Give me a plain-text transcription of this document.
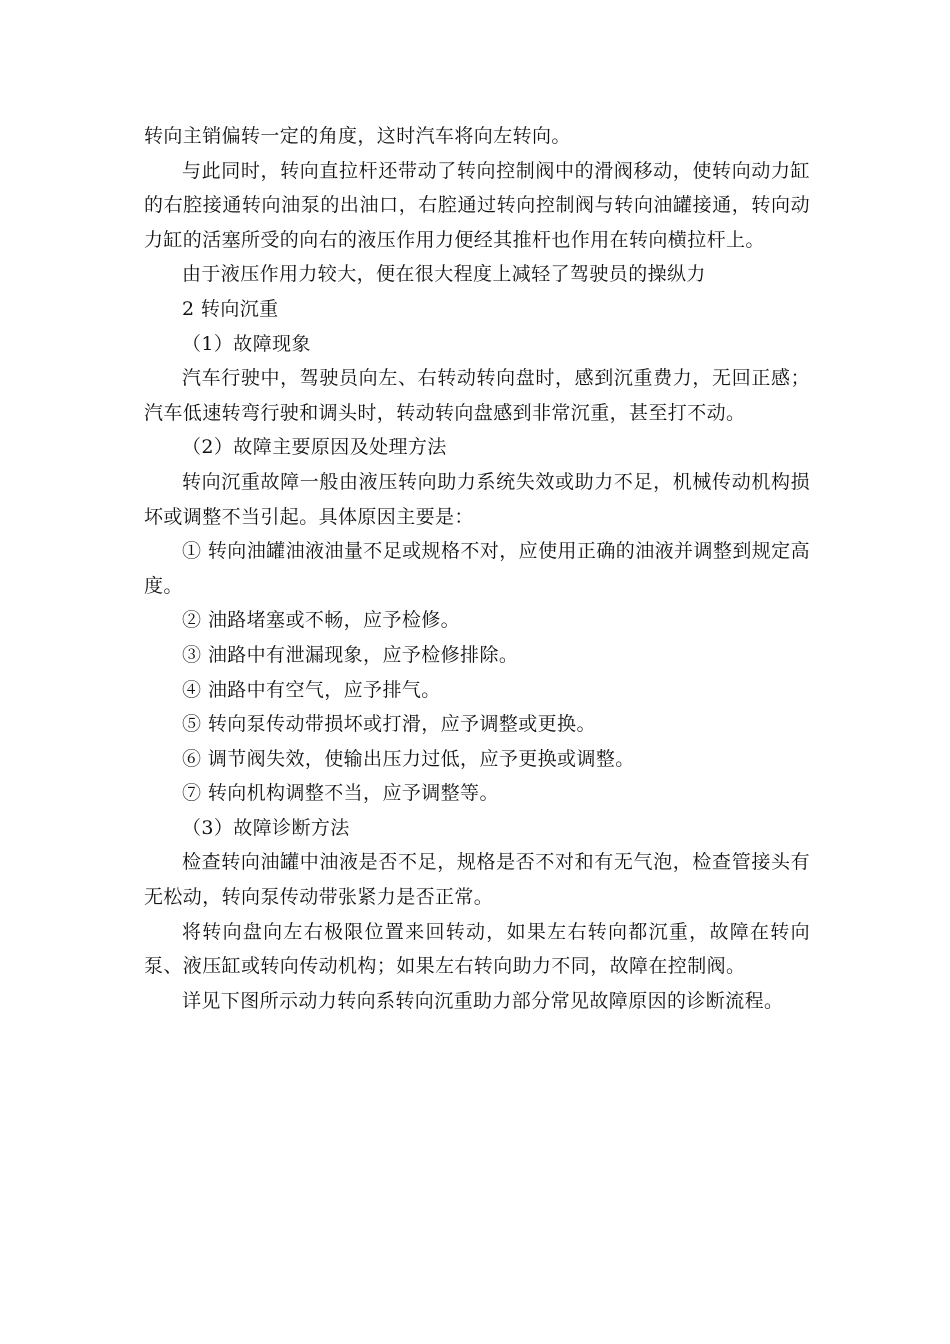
转向主销偏转一定的角度，这时汽车将向左转向。

与此同时，转向直拉杆还带动了转向控制阀中的滑阀移动，使转向动力缸的右腔接通转向油泵的出油口，右腔通过转向控制阀与转向油罐接通，转向动力缸的活塞所受的向右的液压作用力便经其推杆也作用在转向横拉杆上。

由于液压作用力较大，便在很大程度上减轻了驾驶员的操纵力

2 转向沉重

（1）故障现象

汽车行驶中，驾驶员向左、右转动转向盘时，感到沉重费力，无回正感；汽车低速转弯行驶和调头时，转动转向盘感到非常沉重，甚至打不动。

（2）故障主要原因及处理方法

转向沉重故障一般由液压转向助力系统失效或助力不足，机械传动机构损坏或调整不当引起。具体原因主要是：

① 转向油罐油液油量不足或规格不对，应使用正确的油液并调整到规定高度。

② 油路堵塞或不畅，应予检修。

③ 油路中有泄漏现象，应予检修排除。

④ 油路中有空气，应予排气。

⑤ 转向泵传动带损坏或打滑，应予调整或更换。

⑥ 调节阀失效，使输出压力过低，应予更换或调整。

⑦ 转向机构调整不当，应予调整等。

（3）故障诊断方法

检查转向油罐中油液是否不足，规格是否不对和有无气泡，检查管接头有无松动，转向泵传动带张紧力是否正常。

将转向盘向左右极限位置来回转动，如果左右转向都沉重，故障在转向泵、液压缸或转向传动机构；如果左右转向助力不同，故障在控制阀。

详见下图所示动力转向系转向沉重助力部分常见故障原因的诊断流程。
